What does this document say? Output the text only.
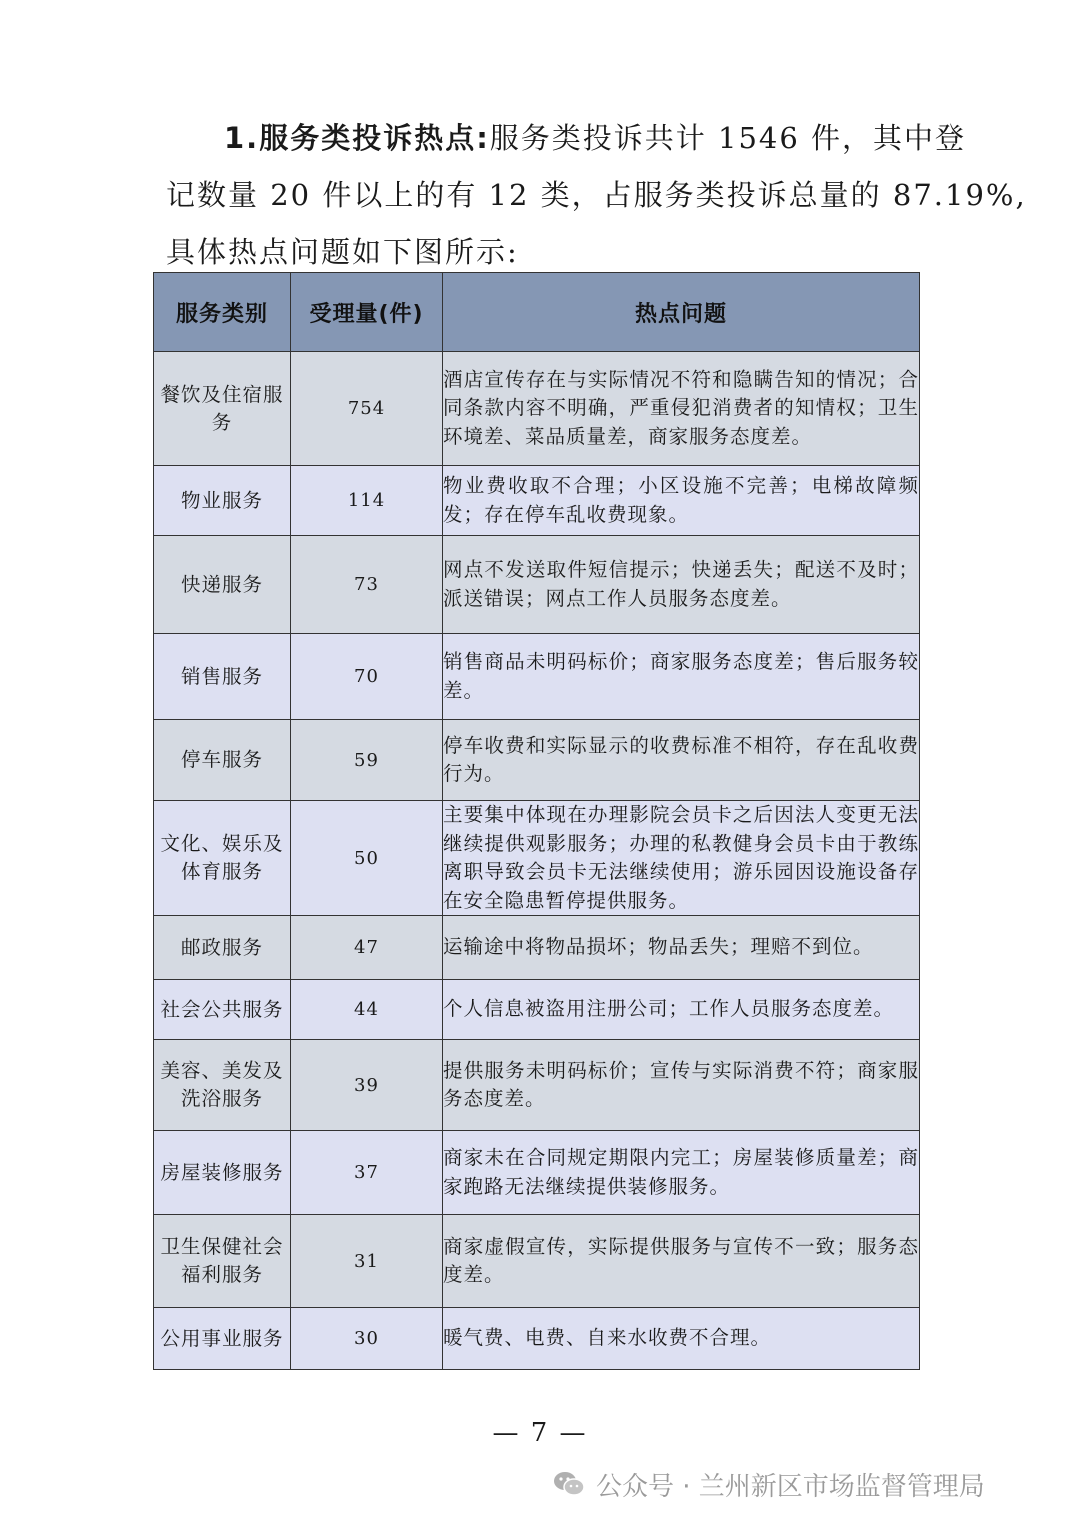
1.服务类投诉热点:服务类投诉共计 1546 件，其中登
记数量 20 件以上的有 12 类，占服务类投诉总量的 87.19%,
具体热点问题如下图所示:
服务类别	受理量(件)	热点问题
餐饮及住宿服务	754	酒店宣传存在与实际情况不符和隐瞒告知的情况；合同条款内容不明确，严重侵犯消费者的知情权；卫生环境差、菜品质量差，商家服务态度差。
物业服务	114	物业费收取不合理；小区设施不完善；电梯故障频发；存在停车乱收费现象。
快递服务	73	网点不发送取件短信提示；快递丢失；配送不及时；派送错误；网点工作人员服务态度差。
销售服务	70	销售商品未明码标价；商家服务态度差；售后服务较差。
停车服务	59	停车收费和实际显示的收费标准不相符，存在乱收费行为。
文化、娱乐及体育服务	50	主要集中体现在办理影院会员卡之后因法人变更无法继续提供观影服务；办理的私教健身会员卡由于教练离职导致会员卡无法继续使用；游乐园因设施设备存在安全隐患暂停提供服务。
邮政服务	47	运输途中将物品损坏；物品丢失；理赔不到位。
社会公共服务	44	个人信息被盗用注册公司；工作人员服务态度差。
美容、美发及洗浴服务	39	提供服务未明码标价；宣传与实际消费不符；商家服务态度差。
房屋装修服务	37	商家未在合同规定期限内完工；房屋装修质量差；商家跑路无法继续提供装修服务。
卫生保健社会福利服务	31	商家虚假宣传，实际提供服务与宣传不一致；服务态度差。
公用事业服务	30	暖气费、电费、自来水收费不合理。
— 7 —
公众号 · 兰州新区市场监督管理局
